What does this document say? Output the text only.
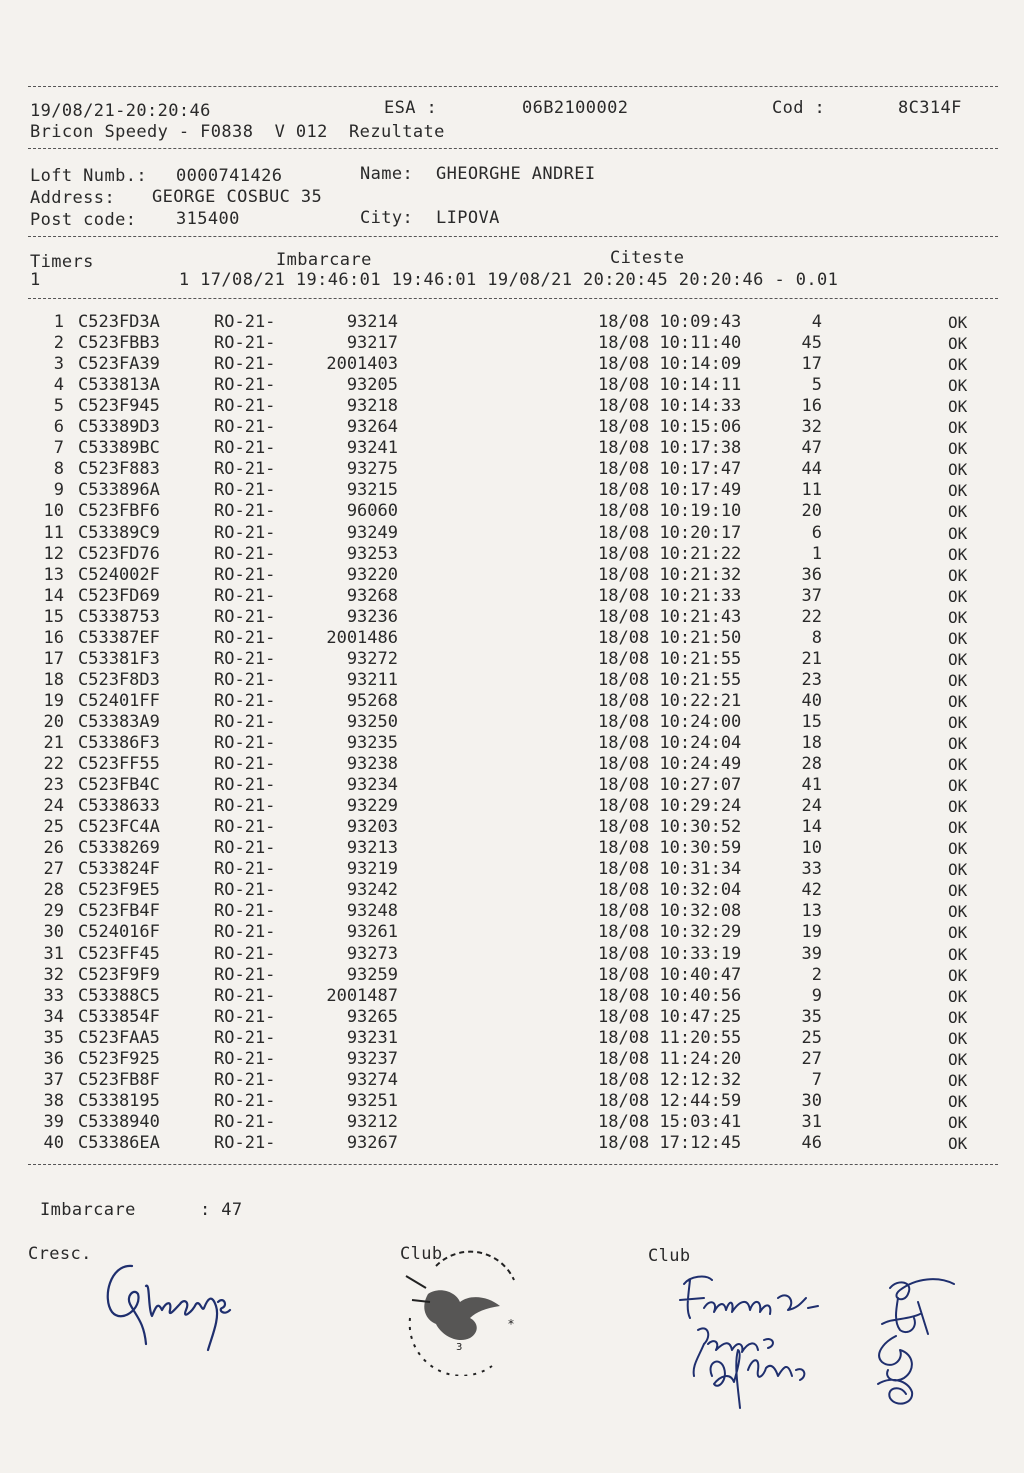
19/08/21-20:20:46	ESA :	06B2100002	Cod :	8C314F
Bricon Speedy - F0838  V 012  Rezultate
Loft Numb.: 0000741426	Name: GHEORGHE ANDREI
Address: GEORGE COSBUC 35
Post code: 315400	City: LIPOVA
Timers	Imbarcare	Citeste
1             1 17/08/21 19:46:01 19:46:01 19/08/21 20:20:45 20:20:46 - 0.01
1 C523FD3A	RO-21-	93214	18/08 10:09:43	4	OK
2 C523FBB3	RO-21-	93217	18/08 10:11:40	45	OK
3 C523FA39	RO-21-	2001403	18/08 10:14:09	17	OK
4 C533813A	RO-21-	93205	18/08 10:14:11	5	OK
5 C523F945	RO-21-	93218	18/08 10:14:33	16	OK
6 C53389D3	RO-21-	93264	18/08 10:15:06	32	OK
7 C53389BC	RO-21-	93241	18/08 10:17:38	47	OK
8 C523F883	RO-21-	93275	18/08 10:17:47	44	OK
9 C533896A	RO-21-	93215	18/08 10:17:49	11	OK
10 C523FBF6	RO-21-	96060	18/08 10:19:10	20	OK
11 C53389C9	RO-21-	93249	18/08 10:20:17	6	OK
12 C523FD76	RO-21-	93253	18/08 10:21:22	1	OK
13 C524002F	RO-21-	93220	18/08 10:21:32	36	OK
14 C523FD69	RO-21-	93268	18/08 10:21:33	37	OK
15 C5338753	RO-21-	93236	18/08 10:21:43	22	OK
16 C53387EF	RO-21-	2001486	18/08 10:21:50	8	OK
17 C53381F3	RO-21-	93272	18/08 10:21:55	21	OK
18 C523F8D3	RO-21-	93211	18/08 10:21:55	23	OK
19 C52401FF	RO-21-	95268	18/08 10:22:21	40	OK
20 C53383A9	RO-21-	93250	18/08 10:24:00	15	OK
21 C53386F3	RO-21-	93235	18/08 10:24:04	18	OK
22 C523FF55	RO-21-	93238	18/08 10:24:49	28	OK
23 C523FB4C	RO-21-	93234	18/08 10:27:07	41	OK
24 C5338633	RO-21-	93229	18/08 10:29:24	24	OK
25 C523FC4A	RO-21-	93203	18/08 10:30:52	14	OK
26 C5338269	RO-21-	93213	18/08 10:30:59	10	OK
27 C533824F	RO-21-	93219	18/08 10:31:34	33	OK
28 C523F9E5	RO-21-	93242	18/08 10:32:04	42	OK
29 C523FB4F	RO-21-	93248	18/08 10:32:08	13	OK
30 C524016F	RO-21-	93261	18/08 10:32:29	19	OK
31 C523FF45	RO-21-	93273	18/08 10:33:19	39	OK
32 C523F9F9	RO-21-	93259	18/08 10:40:47	2	OK
33 C53388C5	RO-21-	2001487	18/08 10:40:56	9	OK
34 C533854F	RO-21-	93265	18/08 10:47:25	35	OK
35 C523FAA5	RO-21-	93231	18/08 11:20:55	25	OK
36 C523F925	RO-21-	93237	18/08 11:24:20	27	OK
37 C523FB8F	RO-21-	93274	18/08 12:12:32	7	OK
38 C5338195	RO-21-	93251	18/08 12:44:59	30	OK
39 C5338940	RO-21-	93212	18/08 15:03:41	31	OK
40 C53386EA	RO-21-	93267	18/08 17:12:45	46	OK
Imbarcare	: 47
Cresc.	Club	Club
3
*
